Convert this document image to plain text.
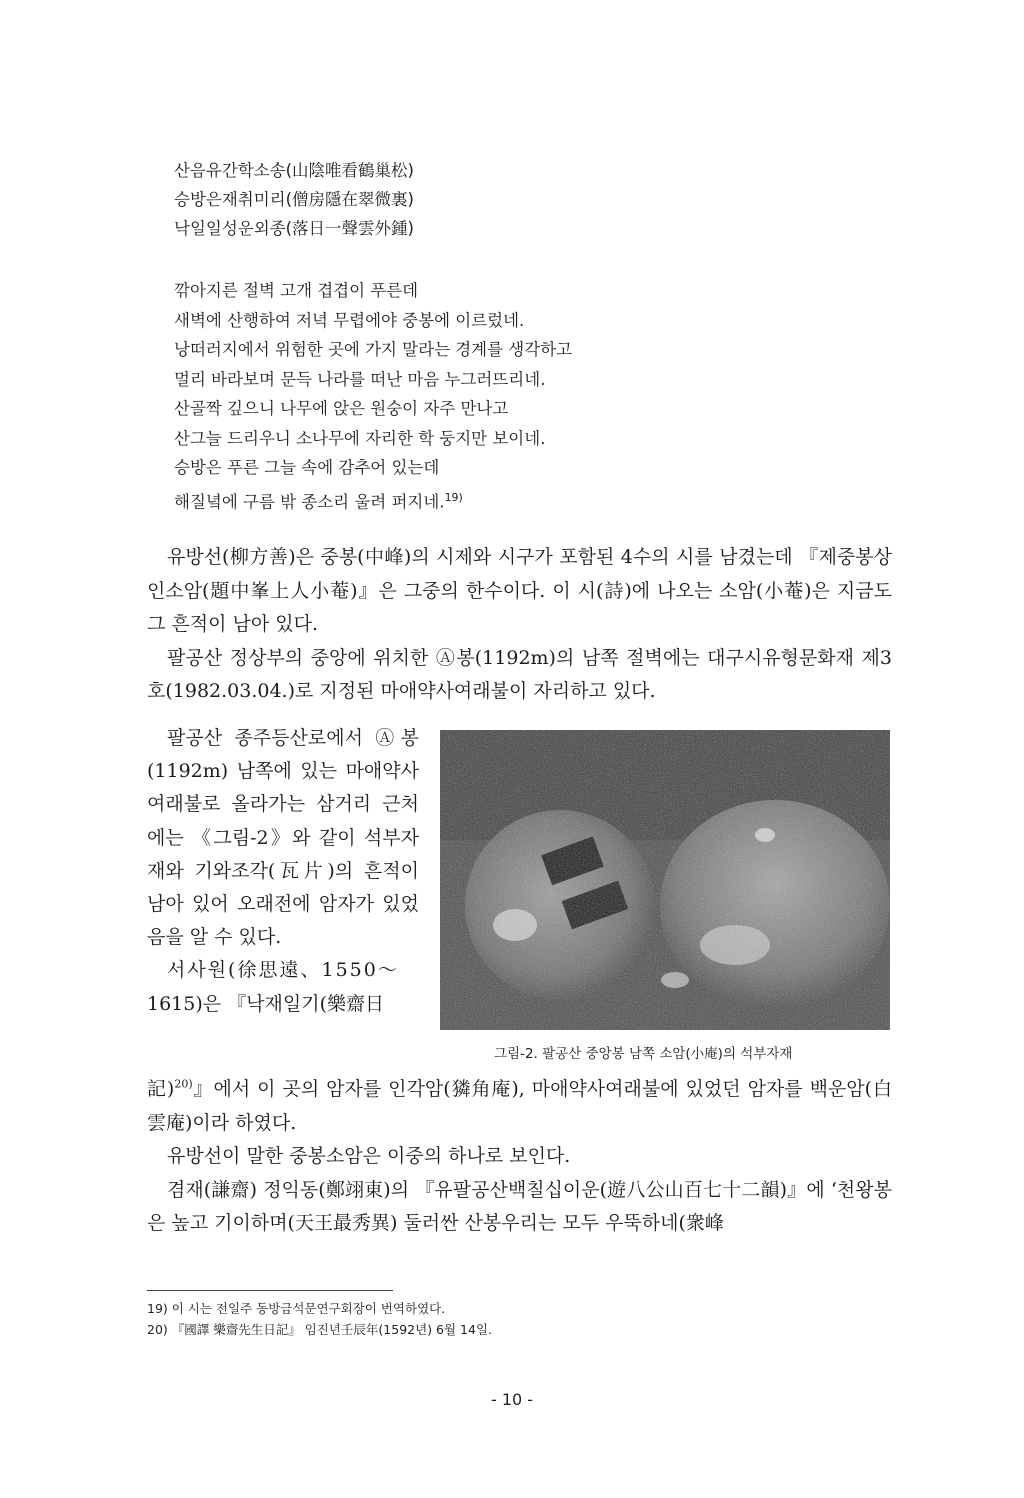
산음유간학소송(山陰唯看鶴巢松)
승방은재취미리(僧房隱在翠微裏)
낙일일성운외종(落日一聲雲外鍾)
깎아지른 절벽 고개 겹겹이 푸른데
새벽에 산행하여 저녁 무렵에야 중봉에 이르렀네.
낭떠러지에서 위험한 곳에 가지 말라는 경계를 생각하고
멀리 바라보며 문득 나라를 떠난 마음 누그러뜨리네.
산골짝 깊으니 나무에 앉은 원숭이 자주 만나고
산그늘 드리우니 소나무에 자리한 학 둥지만 보이네.
승방은 푸른 그늘 속에 감추어 있는데
해질녘에 구름 밖 종소리 울려 퍼지네.$^{19)}$

유방선(柳方善)은 중봉(中峰)의 시제와 시구가 포함된 4수의 시를 남겼는데 『제중봉상인소암(題中峯上人小菴)』은 그중의 한수이다. 이 시(詩)에 나오는 소암(小菴)은 지금도 그 흔적이 남아 있다.

팔공산 정상부의 중앙에 위치한 Ⓐ봉(1192m)의 남쪽 절벽에는 대구시유형문화재 제3호(1982.03.04.)로 지정된 마애약사여래불이 자리하고 있다.

팔공산 종주등산로에서 Ⓐ봉(1192m) 남쪽에 있는 마애약사여래불로 올라가는 삼거리 근처에는 《그림-2》와 같이 석부자재와 기와조각(瓦片)의 흔적이 남아 있어 오래전에 암자가 있었음을 알 수 있다.

서사원(徐思遠、1550～

1615)은 『낙재일기(樂齋日

그림-2. 팔공산 중앙봉 남쪽 소암(小庵)의 석부자재

記)$^{20)}$』에서 이 곳의 암자를 인각암(獜角庵), 마애약사여래불에 있었던 암자를 백운암(白雲庵)이라 하였다.

유방선이 말한 중봉소암은 이중의 하나로 보인다.

겸재(謙齋) 정익동(鄭翊東)의 『유팔공산백칠십이운(遊八公山百七十二韻)』에 ‘천왕봉은 높고 기이하며(天王最秀異) 둘러싼 산봉우리는 모두 우뚝하네(衆峰

19) 이 시는 전일주 동방금석문연구회장이 번역하였다.
20) 『國譯 樂齋先生日記』 임진년壬辰年(1592년) 6월 14일.
- 10 -
